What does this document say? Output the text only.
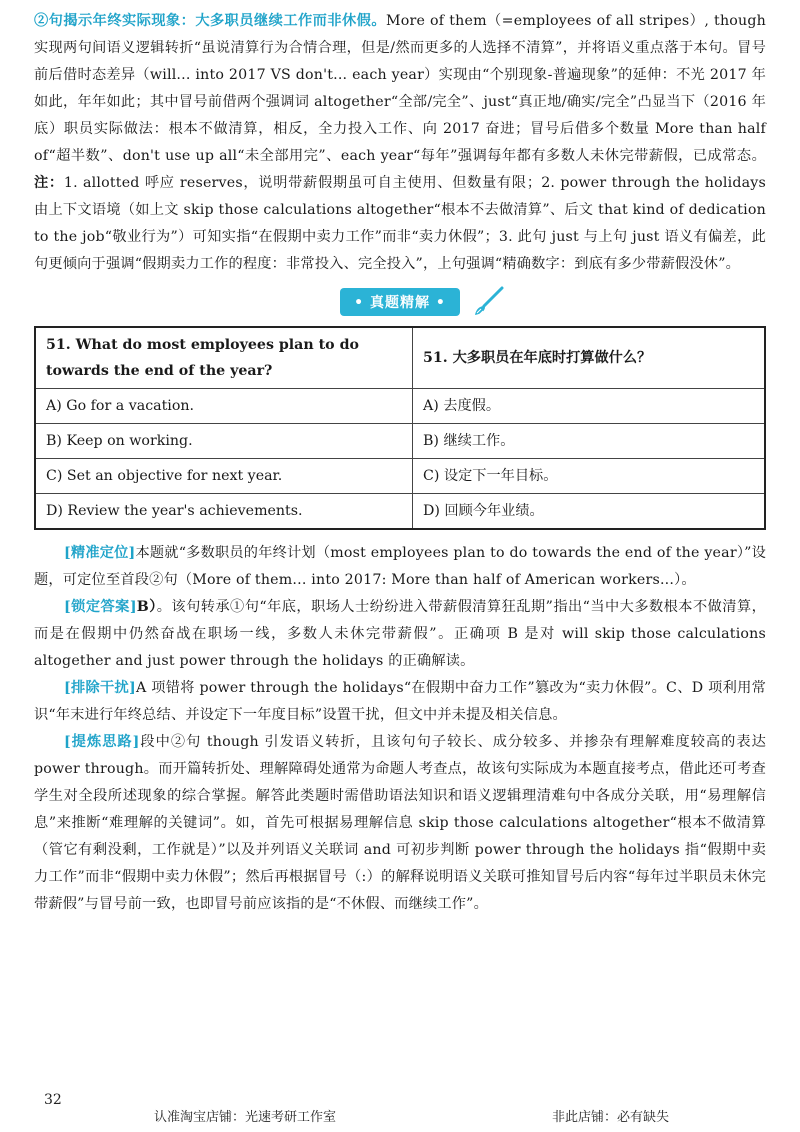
②句揭示年终实际现象：大多职员继续工作而非休假。More of them（=employees of all stripes）, though 实现两句间语义逻辑转折“虽说清算行为合情合理，但是/然而更多的人选择不清算”，并将语义重点落于本句。冒号前后借时态差异（will... into 2017 VS don't... each year）实现由“个别现象-普遍现象”的延伸：不光 2017 年如此，年年如此；其中冒号前借两个强调词 altogether“全部/完全”、just“真正地/确实/完全”凸显当下（2016 年底）职员实际做法：根本不做清算，相反，全力投入工作、向 2017 奋进；冒号后借多个数量 More than half of“超半数”、don't use up all“未全部用完”、each year“每年”强调每年都有多数人未休完带薪假，已成常态。注：1. allotted 呼应 reserves，说明带薪假期虽可自主使用、但数量有限；2. power through the holidays 由上下文语境（如上文 skip those calculations altogether“根本不去做清算”、后文 that kind of dedication to the job“敬业行为”）可知实指“在假期中卖力工作”而非“卖力休假”；3. 此句 just 与上句 just 语义有偏差，此句更倾向于强调“假期卖力工作的程度：非常投入、完全投入”，上句强调“精确数字：到底有多少带薪假没休”。

• 真题精解 •
51. What do most employees plan to do towards the end of the year?	51. 大多职员在年底时打算做什么？
A) Go for a vacation.	A) 去度假。
B) Keep on working.	B) 继续工作。
C) Set an objective for next year.	C) 设定下一年目标。
D) Review the year's achievements.	D) 回顾今年业绩。

[精准定位]本题就“多数职员的年终计划（most employees plan to do towards the end of the year）”设题，可定位至首段②句（More of them... into 2017: More than half of American workers...）。

[锁定答案]B）。该句转承①句“年底，职场人士纷纷进入带薪假清算狂乱期”指出“当中大多数根本不做清算，而是在假期中仍然奋战在职场一线，多数人未休完带薪假”。正确项 B 是对 will skip those calculations altogether and just power through the holidays 的正确解读。

[排除干扰]A 项错将 power through the holidays“在假期中奋力工作”篡改为“卖力休假”。C、D 项利用常识“年末进行年终总结、并设定下一年度目标”设置干扰，但文中并未提及相关信息。

[提炼思路]段中②句 though 引发语义转折，且该句句子较长、成分较多、并掺杂有理解难度较高的表达 power through。而开篇转折处、理解障碍处通常为命题人考查点，故该句实际成为本题直接考点，借此还可考查学生对全段所述现象的综合掌握。解答此类题时需借助语法知识和语义逻辑理清难句中各成分关联，用“易理解信息”来推断“难理解的关键词”。如，首先可根据易理解信息 skip those calculations altogether“根本不做清算（管它有剩没剩，工作就是）”以及并列语义关联词 and 可初步判断 power through the holidays 指“假期中卖力工作”而非“假期中卖力休假”；然后再根据冒号（:）的解释说明语义关联可推知冒号后内容“每年过半职员未休完带薪假”与冒号前一致，也即冒号前应该指的是“不休假、而继续工作”。

32
认准淘宝店铺：光速考研工作室	非此店铺：必有缺失
